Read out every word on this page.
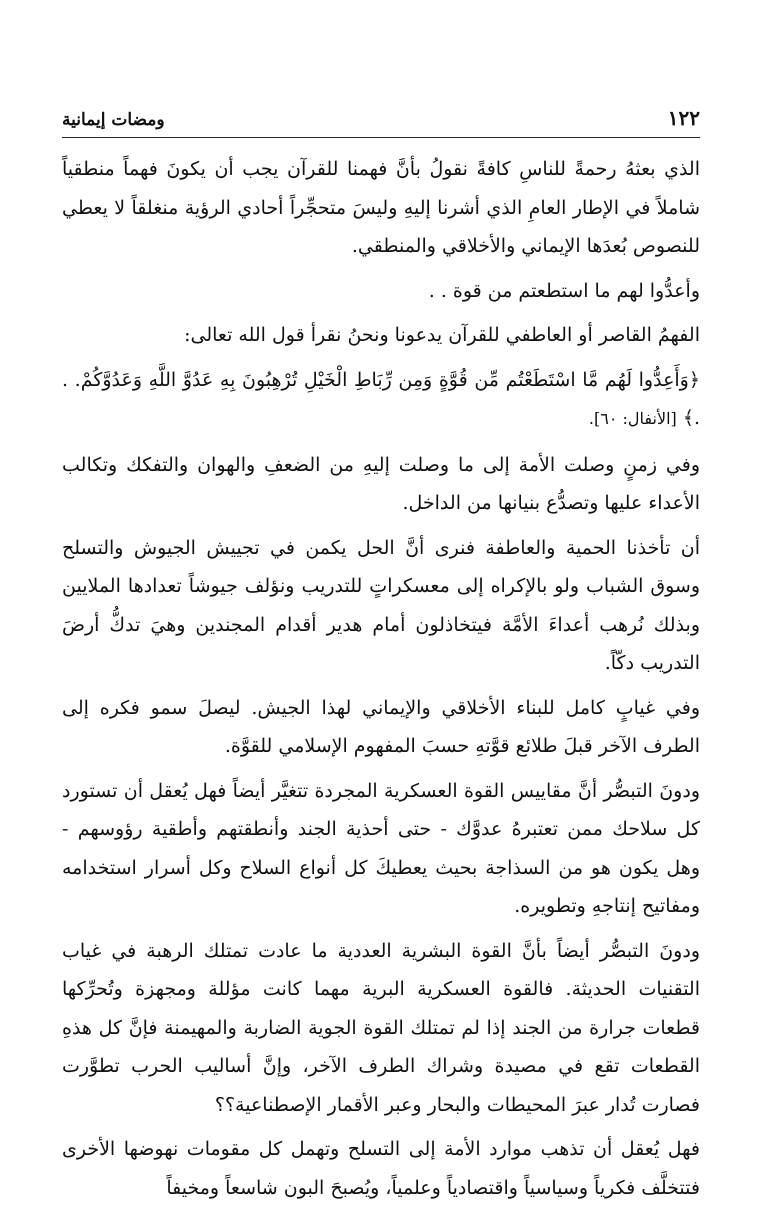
١٢٢
ومضات إيمانية

الذي بعثهُ رحمةً للناسِ كافةً نقولُ بأنَّ فهمنا للقرآن يجب أن يكونَ فهماً منطقياً شاملاً في الإطار العامِ الذي أشرنا إليهِ وليسَ متحجِّراً أحادي الرؤية منغلقاً لا يعطي للنصوص بُعدَها الإيماني والأخلاقي والمنطقي.

وأعدُّوا لهم ما استطعتم من قوة . .

الفهمُ القاصر أو العاطفي للقرآن يدعونا ونحنُ نقرأ قول الله تعالى:

﴿وَأَعِدُّوا لَهُم مَّا اسْتَطَعْتُم مِّن قُوَّةٍ وَمِن رِّبَاطِ الْخَيْلِ تُرْهِبُونَ بِهِ عَدُوَّ اللَّهِ وَعَدُوَّكُمْ. . .﴾ [الأنفال: ٦٠].

وفي زمنٍ وصلت الأمة إلى ما وصلت إليهِ من الضعفِ والهوان والتفكك وتكالب الأعداء عليها وتصدُّع بنيانها من الداخل.

أن تأخذنا الحمية والعاطفة فنرى أنَّ الحل يكمن في تجييش الجيوش والتسلح وسوق الشباب ولو بالإكراه إلى معسكراتٍ للتدريب ونؤلف جيوشاً تعدادها الملايين وبذلك نُرهب أعداءَ الأمَّة فيتخاذلون أمام هدير أقدام المجندين وهيَ تدكُّ أرضَ التدريب دكّاً.

وفي غيابٍ كامل للبناء الأخلاقي والإيماني لهذا الجيش. ليصلَ سمو فكره إلى الطرف الآخر قبلَ طلائع قوَّتهِ حسبَ المفهوم الإسلامي للقوَّة.

ودونَ التبصُّر أنَّ مقاييس القوة العسكرية المجردة تتغيَّر أيضاً فهل يُعقل أن تستورد كل سلاحك ممن تعتبرهُ عدوَّك - حتى أحذية الجند وأنطقتهم وأطقية رؤوسهم - وهل يكون هو من السذاجة بحيث يعطيكَ كل أنواع السلاح وكل أسرار استخدامه ومفاتيح إنتاجهِ وتطويره.

ودونَ التبصُّر أيضاً بأنَّ القوة البشرية العددية ما عادت تمتلك الرهبة في غياب التقنيات الحديثة. فالقوة العسكرية البرية مهما كانت مؤللة ومجهزة وتُحرِّكها قطعات جرارة من الجند إذا لم تمتلك القوة الجوية الضاربة والمهيمنة فإنَّ كل هذهِ القطعات تقع في مصيدة وشراك الطرف الآخر، وإنَّ أساليب الحرب تطوَّرت فصارت تُدار عبرَ المحيطات والبحار وعبر الأقمار الإصطناعية؟؟

فهل يُعقل أن تذهب موارد الأمة إلى التسلح وتهمل كل مقومات نهوضها الأخرى فتتخلَّف فكرياً وسياسياً واقتصادياً وعلمياً، ويُصبحَ البون شاسعاً ومخيفاً
